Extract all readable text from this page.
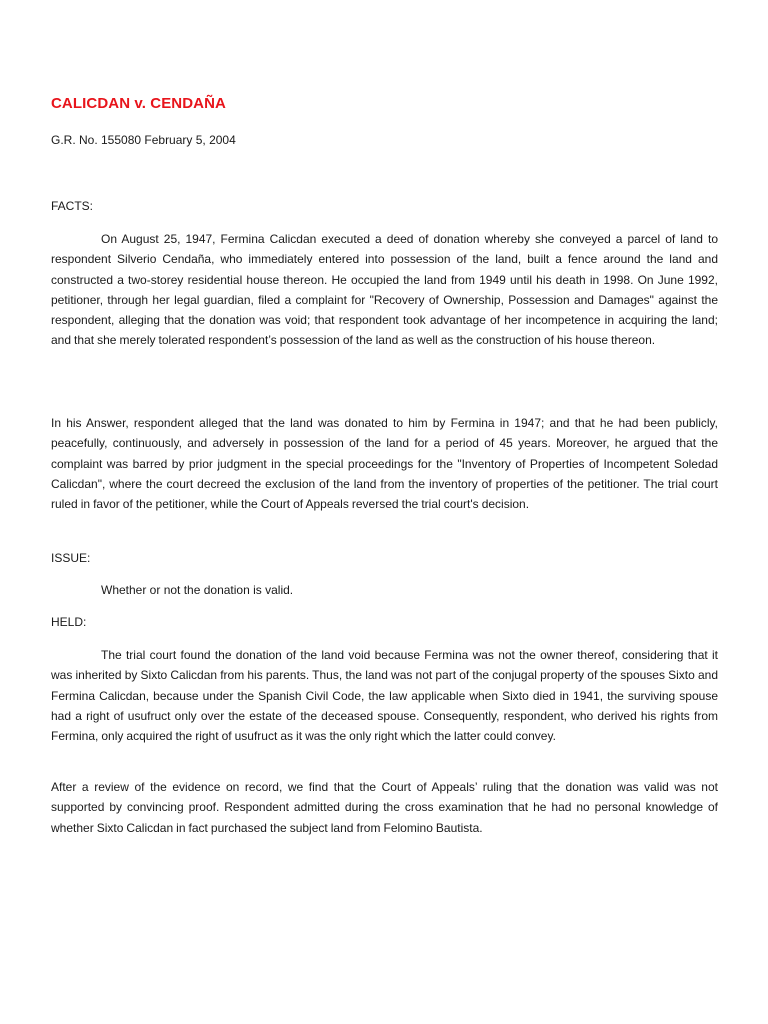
CALICDAN v. CENDAÑA

G.R. No. 155080 February 5, 2004

FACTS:

On August 25, 1947, Fermina Calicdan executed a deed of donation whereby she conveyed a parcel of land to respondent Silverio Cendaña, who immediately entered into possession of the land, built a fence around the land and constructed a two-storey residential house thereon. He occupied the land from 1949 until his death in 1998. On June 1992, petitioner, through her legal guardian, filed a complaint for "Recovery of Ownership, Possession and Damages" against the respondent, alleging that the donation was void; that respondent took advantage of her incompetence in acquiring the land; and that she merely tolerated respondent’s possession of the land as well as the construction of his house thereon.

In his Answer, respondent alleged that the land was donated to him by Fermina in 1947; and that he had been publicly, peacefully, continuously, and adversely in possession of the land for a period of 45 years. Moreover, he argued that the complaint was barred by prior judgment in the special proceedings for the "Inventory of Properties of Incompetent Soledad Calicdan", where the court decreed the exclusion of the land from the inventory of properties of the petitioner. The trial court ruled in favor of the petitioner, while the Court of Appeals reversed the trial court's decision.

ISSUE:

Whether or not the donation is valid.

HELD:

The trial court found the donation of the land void because Fermina was not the owner thereof, considering that it was inherited by Sixto Calicdan from his parents. Thus, the land was not part of the conjugal property of the spouses Sixto and Fermina Calicdan, because under the Spanish Civil Code, the law applicable when Sixto died in 1941, the surviving spouse had a right of usufruct only over the estate of the deceased spouse. Consequently, respondent, who derived his rights from Fermina, only acquired the right of usufruct as it was the only right which the latter could convey.

After a review of the evidence on record, we find that the Court of Appeals’ ruling that the donation was valid was not supported by convincing proof. Respondent admitted during the cross examination that he had no personal knowledge of whether Sixto Calicdan in fact purchased the subject land from Felomino Bautista.
